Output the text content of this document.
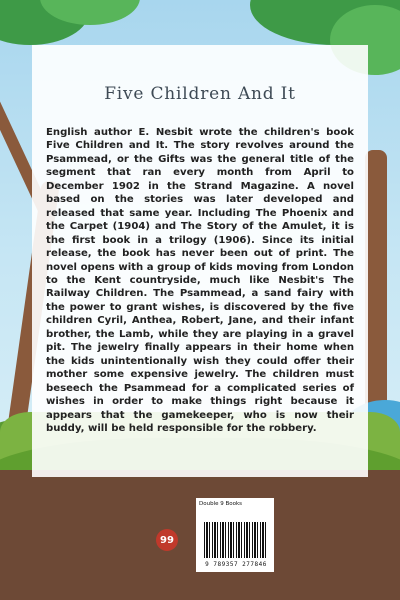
Five Children And It

English author E. Nesbit wrote the children's book Five Children and It. The story revolves around the Psammead, or the Gifts was the general title of the segment that ran every month from April to December 1902 in the Strand Magazine. A novel based on the stories was later developed and released that same year. Including The Phoenix and the Carpet (1904) and The Story of the Amulet, it is the first book in a trilogy (1906). Since its initial release, the book has never been out of print. The novel opens with a group of kids moving from London to the Kent countryside, much like Nesbit's The Railway Children. The Psammead, a sand fairy with the power to grant wishes, is discovered by the five children Cyril, Anthea, Robert, Jane, and their infant brother, the Lamb, while they are playing in a gravel pit. The jewelry finally appears in their home when the kids unintentionally wish they could offer their mother some expensive jewelry. The children must beseech the Psammead for a complicated series of wishes in order to make things right because it appears that the gamekeeper, who is now their buddy, will be held responsible for the robbery.

99
Double 9 Books
9 789357 277846
